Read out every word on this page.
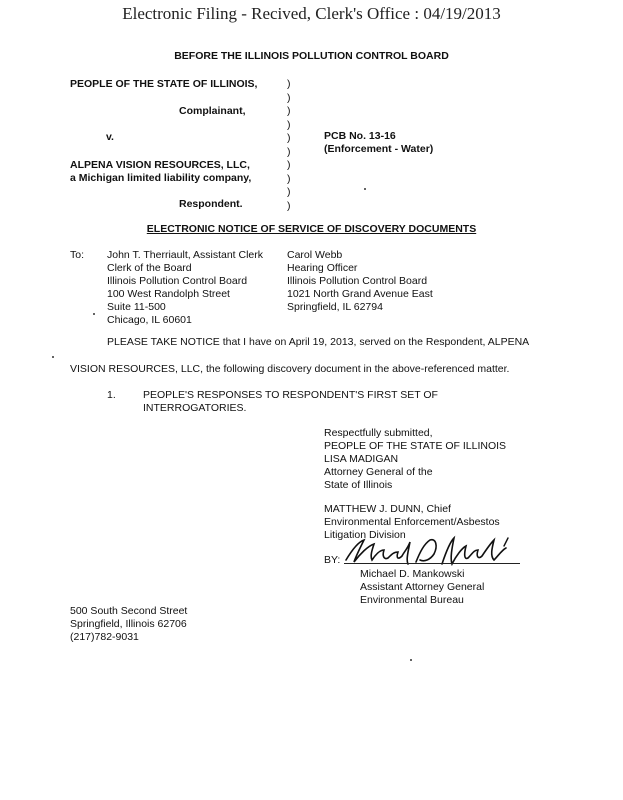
Electronic Filing - Recived, Clerk's Office : 04/19/2013
BEFORE THE ILLINOIS POLLUTION CONTROL BOARD
PEOPLE OF THE STATE OF ILLINOIS,
Complainant,
v.
ALPENA VISION RESOURCES, LLC,
a Michigan limited liability company,
Respondent.
)
)
)
)
)
)
)
)
)
)
PCB No. 13-16
(Enforcement - Water)
ELECTRONIC NOTICE OF SERVICE OF DISCOVERY DOCUMENTS
To: John T. Therriault, Assistant Clerk
Clerk of the Board
Illinois Pollution Control Board
100 West Randolph Street
Suite 11-500
Chicago, IL 60601
Carol Webb
Hearing Officer
Illinois Pollution Control Board
1021 North Grand Avenue East
Springfield, IL 62794
PLEASE TAKE NOTICE that I have on April 19, 2013, served on the Respondent, ALPENA
VISION RESOURCES, LLC, the following discovery document in the above-referenced matter.
1.	PEOPLE'S RESPONSES TO RESPONDENT'S FIRST SET OF
INTERROGATORIES.
Respectfully submitted,
PEOPLE OF THE STATE OF ILLINOIS
LISA MADIGAN
Attorney General of the
State of Illinois
MATTHEW J. DUNN, Chief
Environmental Enforcement/Asbestos
Litigation Division
BY:
Michael D. Mankowski
Assistant Attorney General
Environmental Bureau
500 South Second Street
Springfield, Illinois 62706
(217)782-9031
